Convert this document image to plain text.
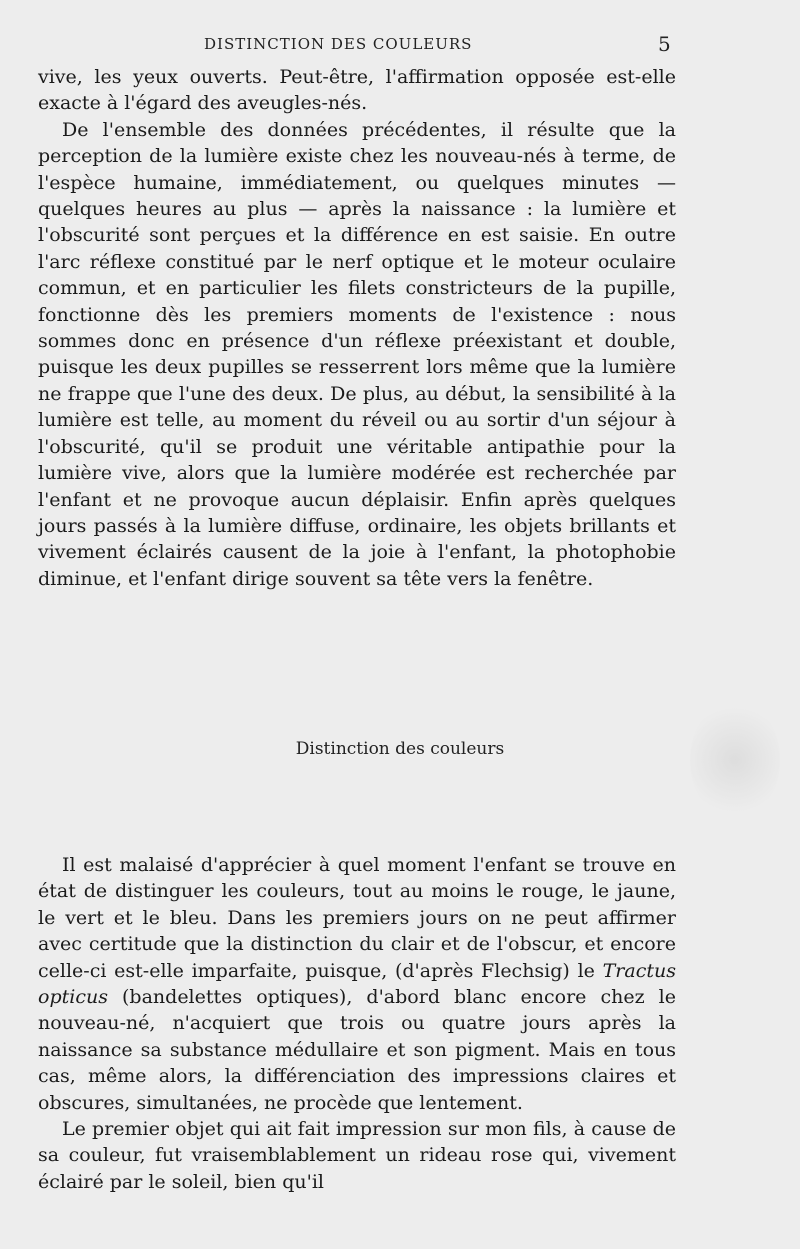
DISTINCTION DES COULEURS	5

vive, les yeux ouverts. Peut-être, l'affirmation opposée est-elle exacte à l'égard des aveugles-nés.

De l'ensemble des données précédentes, il résulte que la perception de la lumière existe chez les nouveau-nés à terme, de l'espèce humaine, immédiatement, ou quelques minutes — quelques heures au plus — après la naissance : la lumière et l'obscurité sont perçues et la différence en est saisie. En outre l'arc réflexe constitué par le nerf optique et le moteur oculaire commun, et en particulier les filets constricteurs de la pupille, fonctionne dès les premiers moments de l'existence : nous sommes donc en présence d'un réflexe préexistant et double, puisque les deux pupilles se resserrent lors même que la lumière ne frappe que l'une des deux. De plus, au début, la sensibilité à la lumière est telle, au moment du réveil ou au sortir d'un séjour à l'obscurité, qu'il se produit une véritable antipathie pour la lumière vive, alors que la lumière modérée est recherchée par l'enfant et ne provoque aucun déplaisir. Enfin après quelques jours passés à la lumière diffuse, ordinaire, les objets brillants et vivement éclairés causent de la joie à l'enfant, la photophobie diminue, et l'enfant dirige souvent sa tête vers la fenêtre.

Distinction des couleurs

Il est malaisé d'apprécier à quel moment l'enfant se trouve en état de distinguer les couleurs, tout au moins le rouge, le jaune, le vert et le bleu. Dans les premiers jours on ne peut affirmer avec certitude que la distinction du clair et de l'obscur, et encore celle-ci est-elle imparfaite, puisque, (d'après Flechsig) le Tractus opticus (bandelettes optiques), d'abord blanc encore chez le nouveau-né, n'acquiert que trois ou quatre jours après la naissance sa substance médullaire et son pigment. Mais en tous cas, même alors, la différenciation des impressions claires et obscures, simultanées, ne procède que lentement.

Le premier objet qui ait fait impression sur mon fils, à cause de sa couleur, fut vraisemblablement un rideau rose qui, vivement éclairé par le soleil, bien qu'il
